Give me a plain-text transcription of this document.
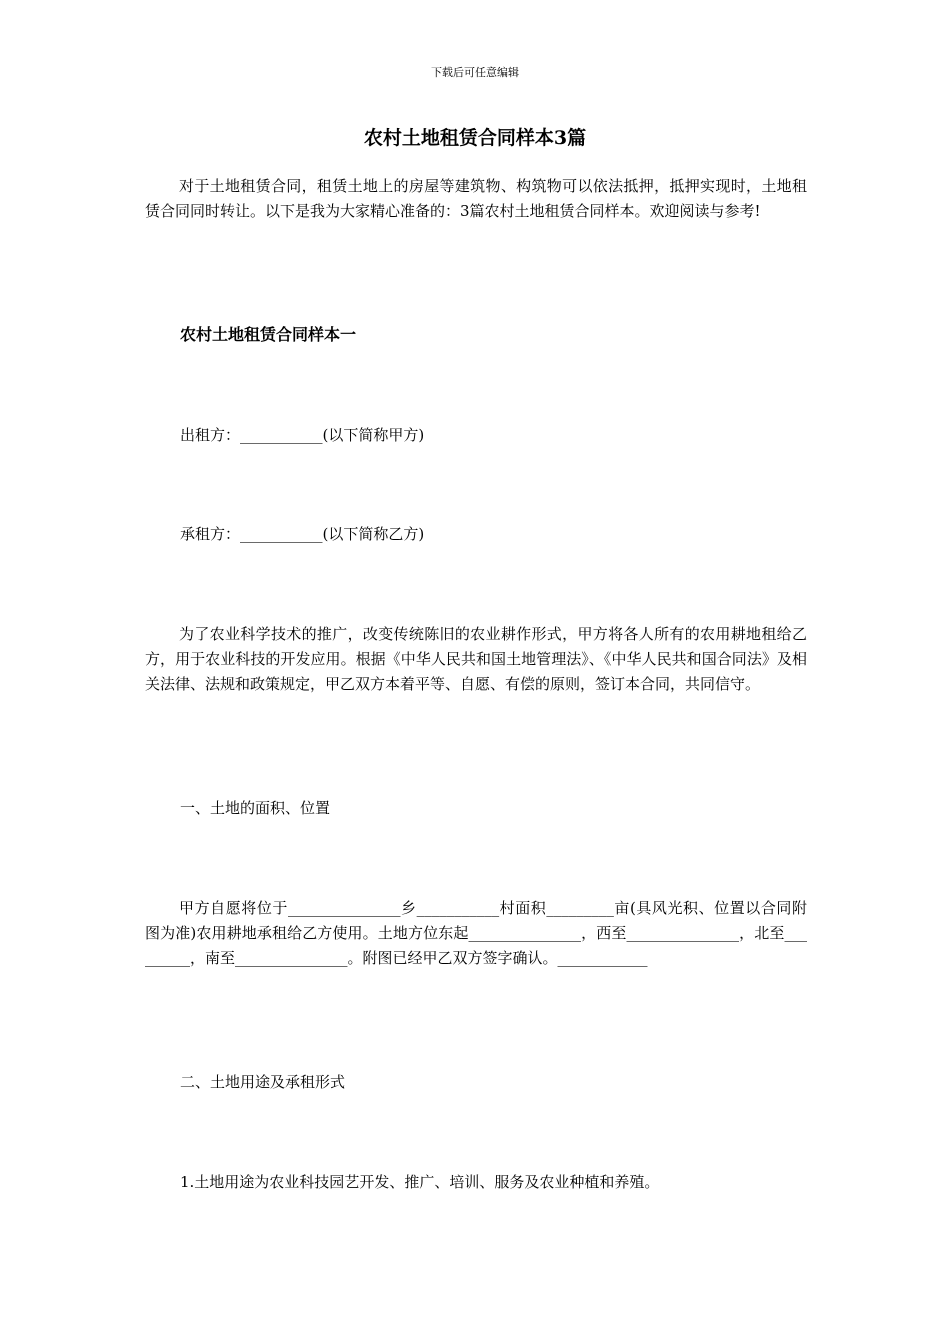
下载后可任意编辑

农村土地租赁合同样本3篇

对于土地租赁合同，租赁土地上的房屋等建筑物、构筑物可以依法抵押，抵押实现时，土地租赁合同同时转让。以下是我为大家精心准备的：3篇农村土地租赁合同样本。欢迎阅读与参考!

农村土地租赁合同样本一

出租方：___________(以下简称甲方)

承租方：___________(以下简称乙方)

为了农业科学技术的推广，改变传统陈旧的农业耕作形式，甲方将各人所有的农用耕地租给乙方，用于农业科技的开发应用。根据《中华人民共和国土地管理法》、《中华人民共和国合同法》及相关法律、法规和政策规定，甲乙双方本着平等、自愿、有偿的原则，签订本合同，共同信守。

一、土地的面积、位置

甲方自愿将位于_______________乡___________村面积_________亩(具风光积、位置以合同附图为准)农用耕地承租给乙方使用。土地方位东起_______________，西至_______________，北至_________，南至_______________。附图已经甲乙双方签字确认。____________

二、土地用途及承租形式

1.土地用途为农业科技园艺开发、推广、培训、服务及农业种植和养殖。
